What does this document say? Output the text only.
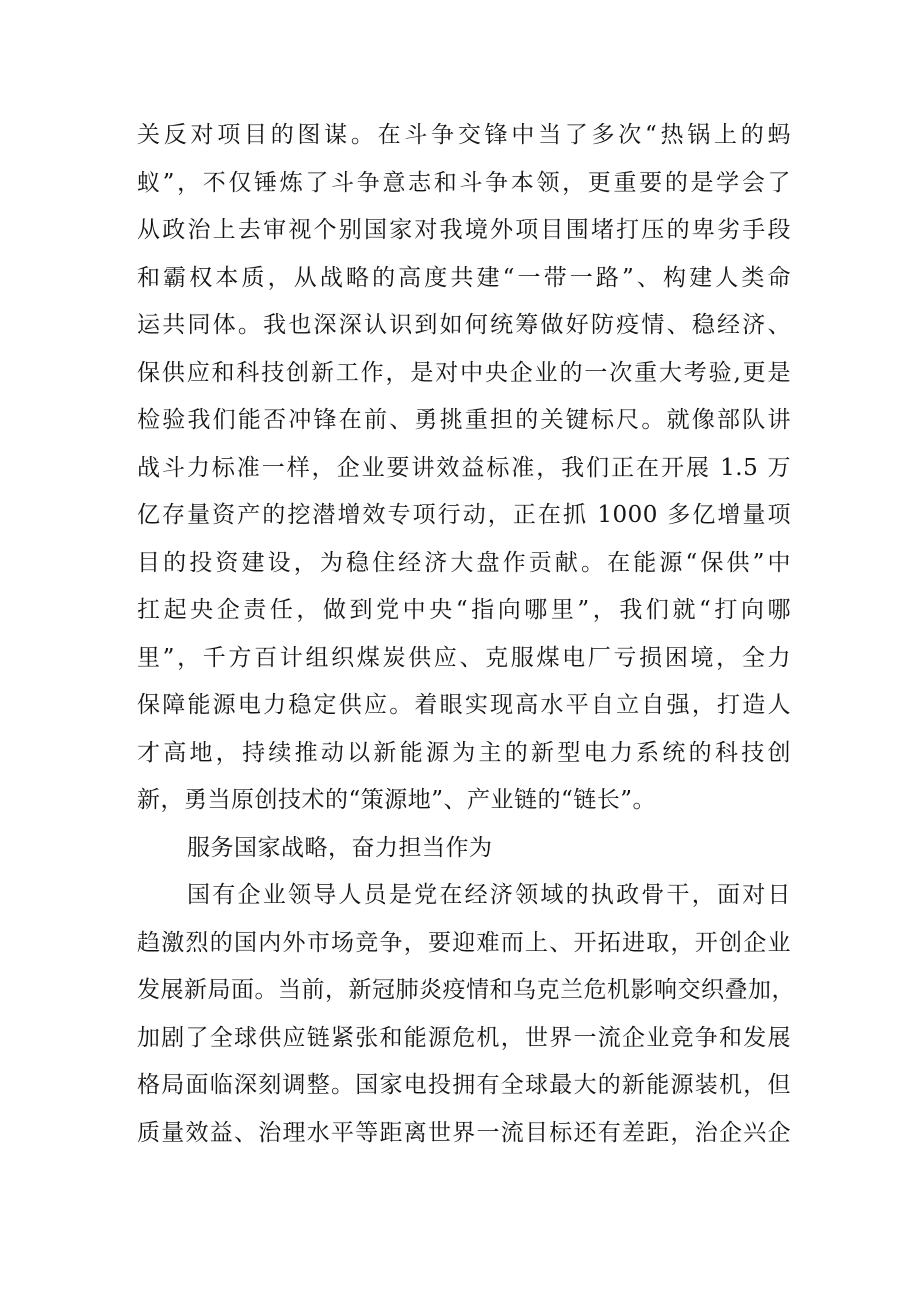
关反对项目的图谋。在斗争交锋中当了多次“热锅上的蚂
蚁”，不仅锤炼了斗争意志和斗争本领，更重要的是学会了
从政治上去审视个别国家对我境外项目围堵打压的卑劣手段
和霸权本质，从战略的高度共建“一带一路”、构建人类命
运共同体。我也深深认识到如何统筹做好防疫情、稳经济、
保供应和科技创新工作，是对中央企业的一次重大考验,更是
检验我们能否冲锋在前、勇挑重担的关键标尺。就像部队讲
战斗力标准一样，企业要讲效益标准，我们正在开展 1.5 万
亿存量资产的挖潜增效专项行动，正在抓 1000 多亿增量项
目的投资建设，为稳住经济大盘作贡献。在能源“保供”中
扛起央企责任，做到党中央“指向哪里”，我们就“打向哪
里”，千方百计组织煤炭供应、克服煤电厂亏损困境，全力
保障能源电力稳定供应。着眼实现高水平自立自强，打造人
才高地，持续推动以新能源为主的新型电力系统的科技创
新，勇当原创技术的“策源地”、产业链的“链长”。
服务国家战略，奋力担当作为
国有企业领导人员是党在经济领域的执政骨干，面对日
趋激烈的国内外市场竞争，要迎难而上、开拓进取，开创企业
发展新局面。当前，新冠肺炎疫情和乌克兰危机影响交织叠加，
加剧了全球供应链紧张和能源危机，世界一流企业竞争和发展
格局面临深刻调整。国家电投拥有全球最大的新能源装机，但
质量效益、治理水平等距离世界一流目标还有差距，治企兴企
